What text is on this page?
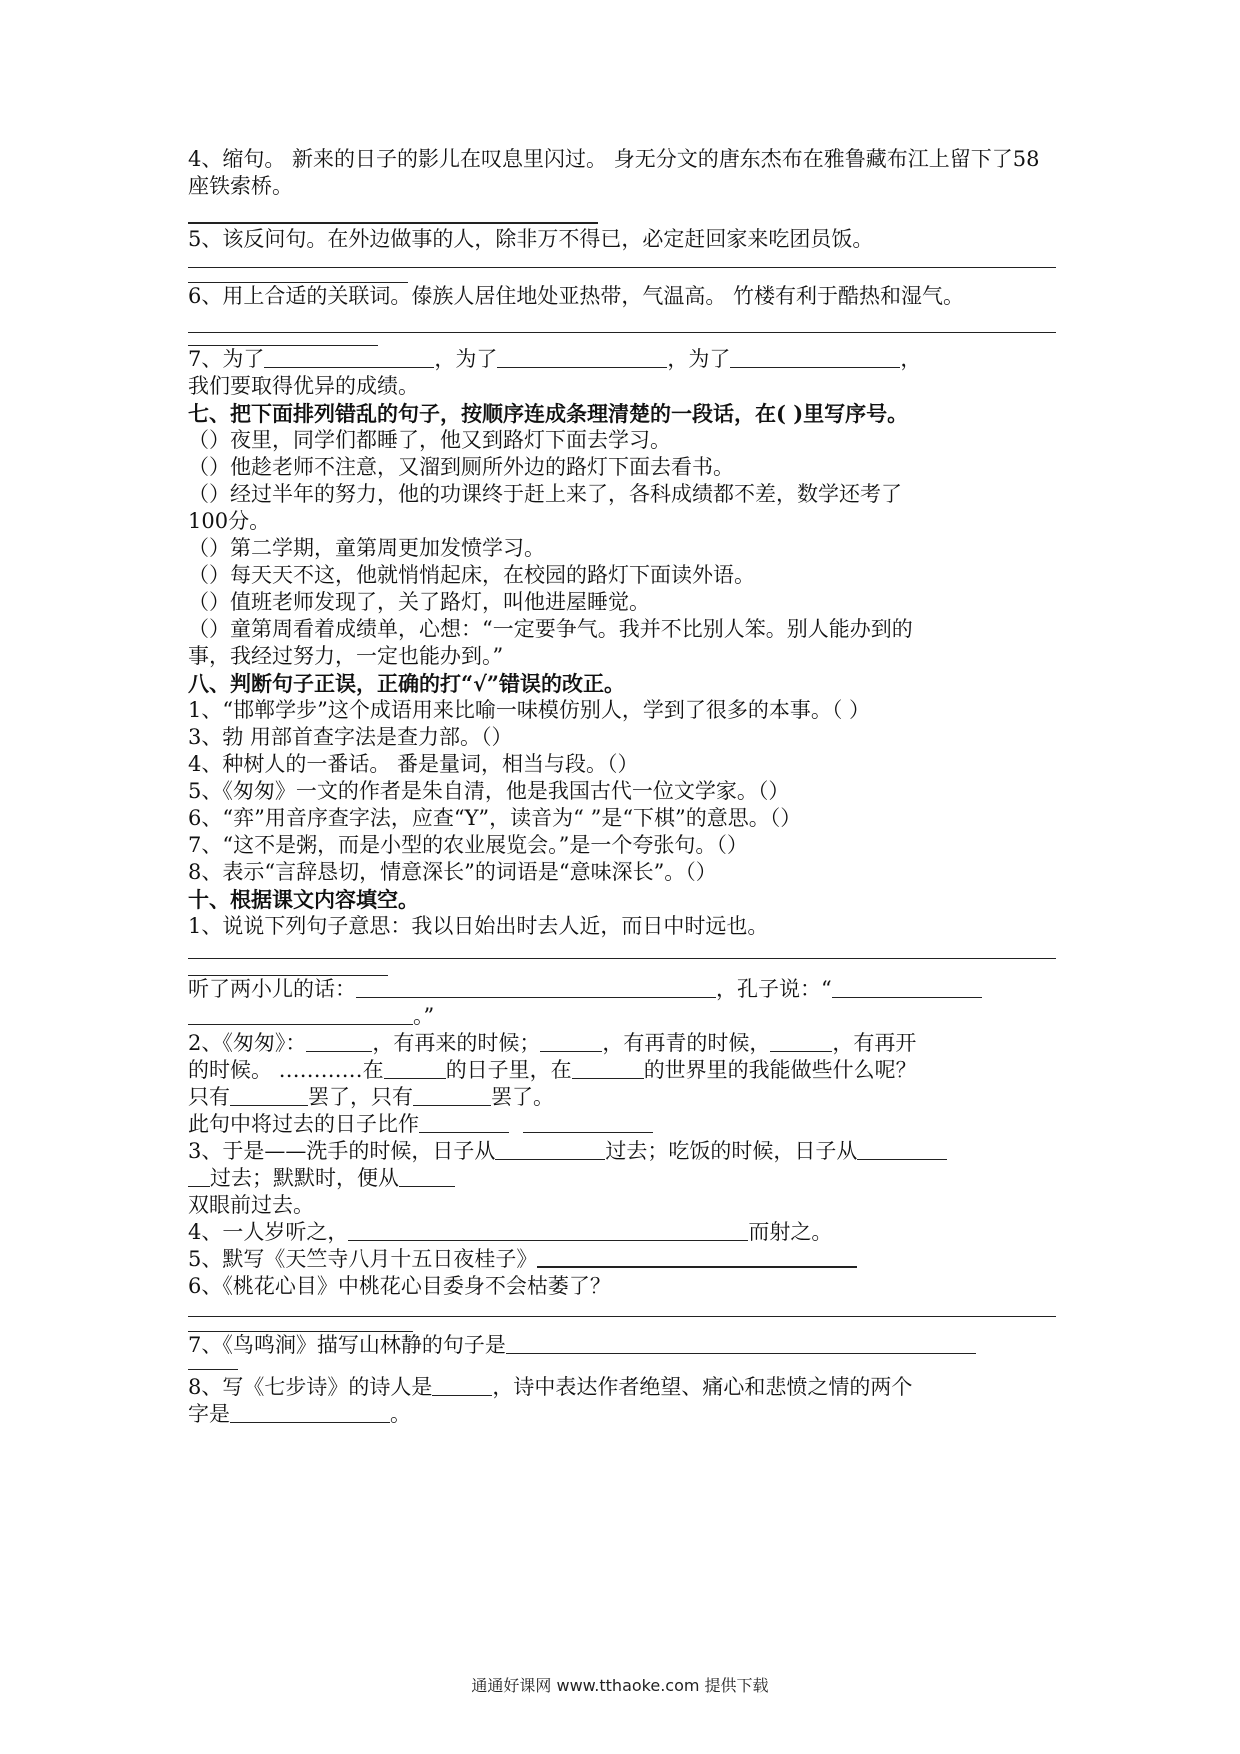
4、缩句。 新来的日子的影儿在叹息里闪过。 身无分文的唐东杰布在雅鲁藏布江上留下了58座铁索桥。
5、该反问句。在外边做事的人，除非万不得已，必定赶回家来吃团员饭。
6、用上合适的关联词。傣族人居住地处亚热带，气温高。 竹楼有利于酷热和湿气。
7、为了	，为了	，为了	，
我们要取得优异的成绩。
七、把下面排列错乱的句子，按顺序连成条理清楚的一段话，在( )里写序号。
（）夜里，同学们都睡了，他又到路灯下面去学习。
（）他趁老师不注意，又溜到厕所外边的路灯下面去看书。
（）经过半年的努力，他的功课终于赶上来了，各科成绩都不差，数学还考了
100分。
（）第二学期，童第周更加发愤学习。
（）每天天不这，他就悄悄起床，在校园的路灯下面读外语。
（）值班老师发现了，关了路灯，叫他进屋睡觉。
（）童第周看着成绩单，心想：“一定要争气。我并不比别人笨。别人能办到的
事，我经过努力，一定也能办到。”
八、判断句子正误，正确的打“√”错误的改正。
1、“邯郸学步”这个成语用来比喻一味模仿别人，学到了很多的本事。（ ）
3、勃 用部首查字法是查力部。（）
4、种树人的一番话。 番是量词，相当与段。（）
5、《匆匆》一文的作者是朱自清，他是我国古代一位文学家。（）
6、“弈”用音序查字法，应查“Y”，读音为“ ”是“下棋”的意思。（）
7、“这不是粥，而是小型的农业展览会。”是一个夸张句。（）
8、表示“言辞恳切，情意深长”的词语是“意味深长”。（）
十、根据课文内容填空。
1、说说下列句子意思：我以日始出时去人近，而日中时远也。
听了两小儿的话：	，孔子说：“
。”
2、《匆匆》：	，有再来的时候；	，有再青的时候，	，有再开
的时候。 …………在	的日子里，在	的世界里的我能做些什么呢？
只有	罢了，只有	罢了。
此句中将过去的日子比作
3、于是——洗手的时候，日子从	过去；吃饭的时候，日子从
过去；默默时，便从
双眼前过去。
4、一人岁听之，	而射之。
5、默写《天竺寺八月十五日夜桂子》
6、《桃花心目》中桃花心目委身不会枯萎了？
7、《鸟鸣涧》描写山林静的句子是
8、写《七步诗》的诗人是	，诗中表达作者绝望、痛心和悲愤之情的两个
字是	。
通通好课网 www.tthaoke.com 提供下载
